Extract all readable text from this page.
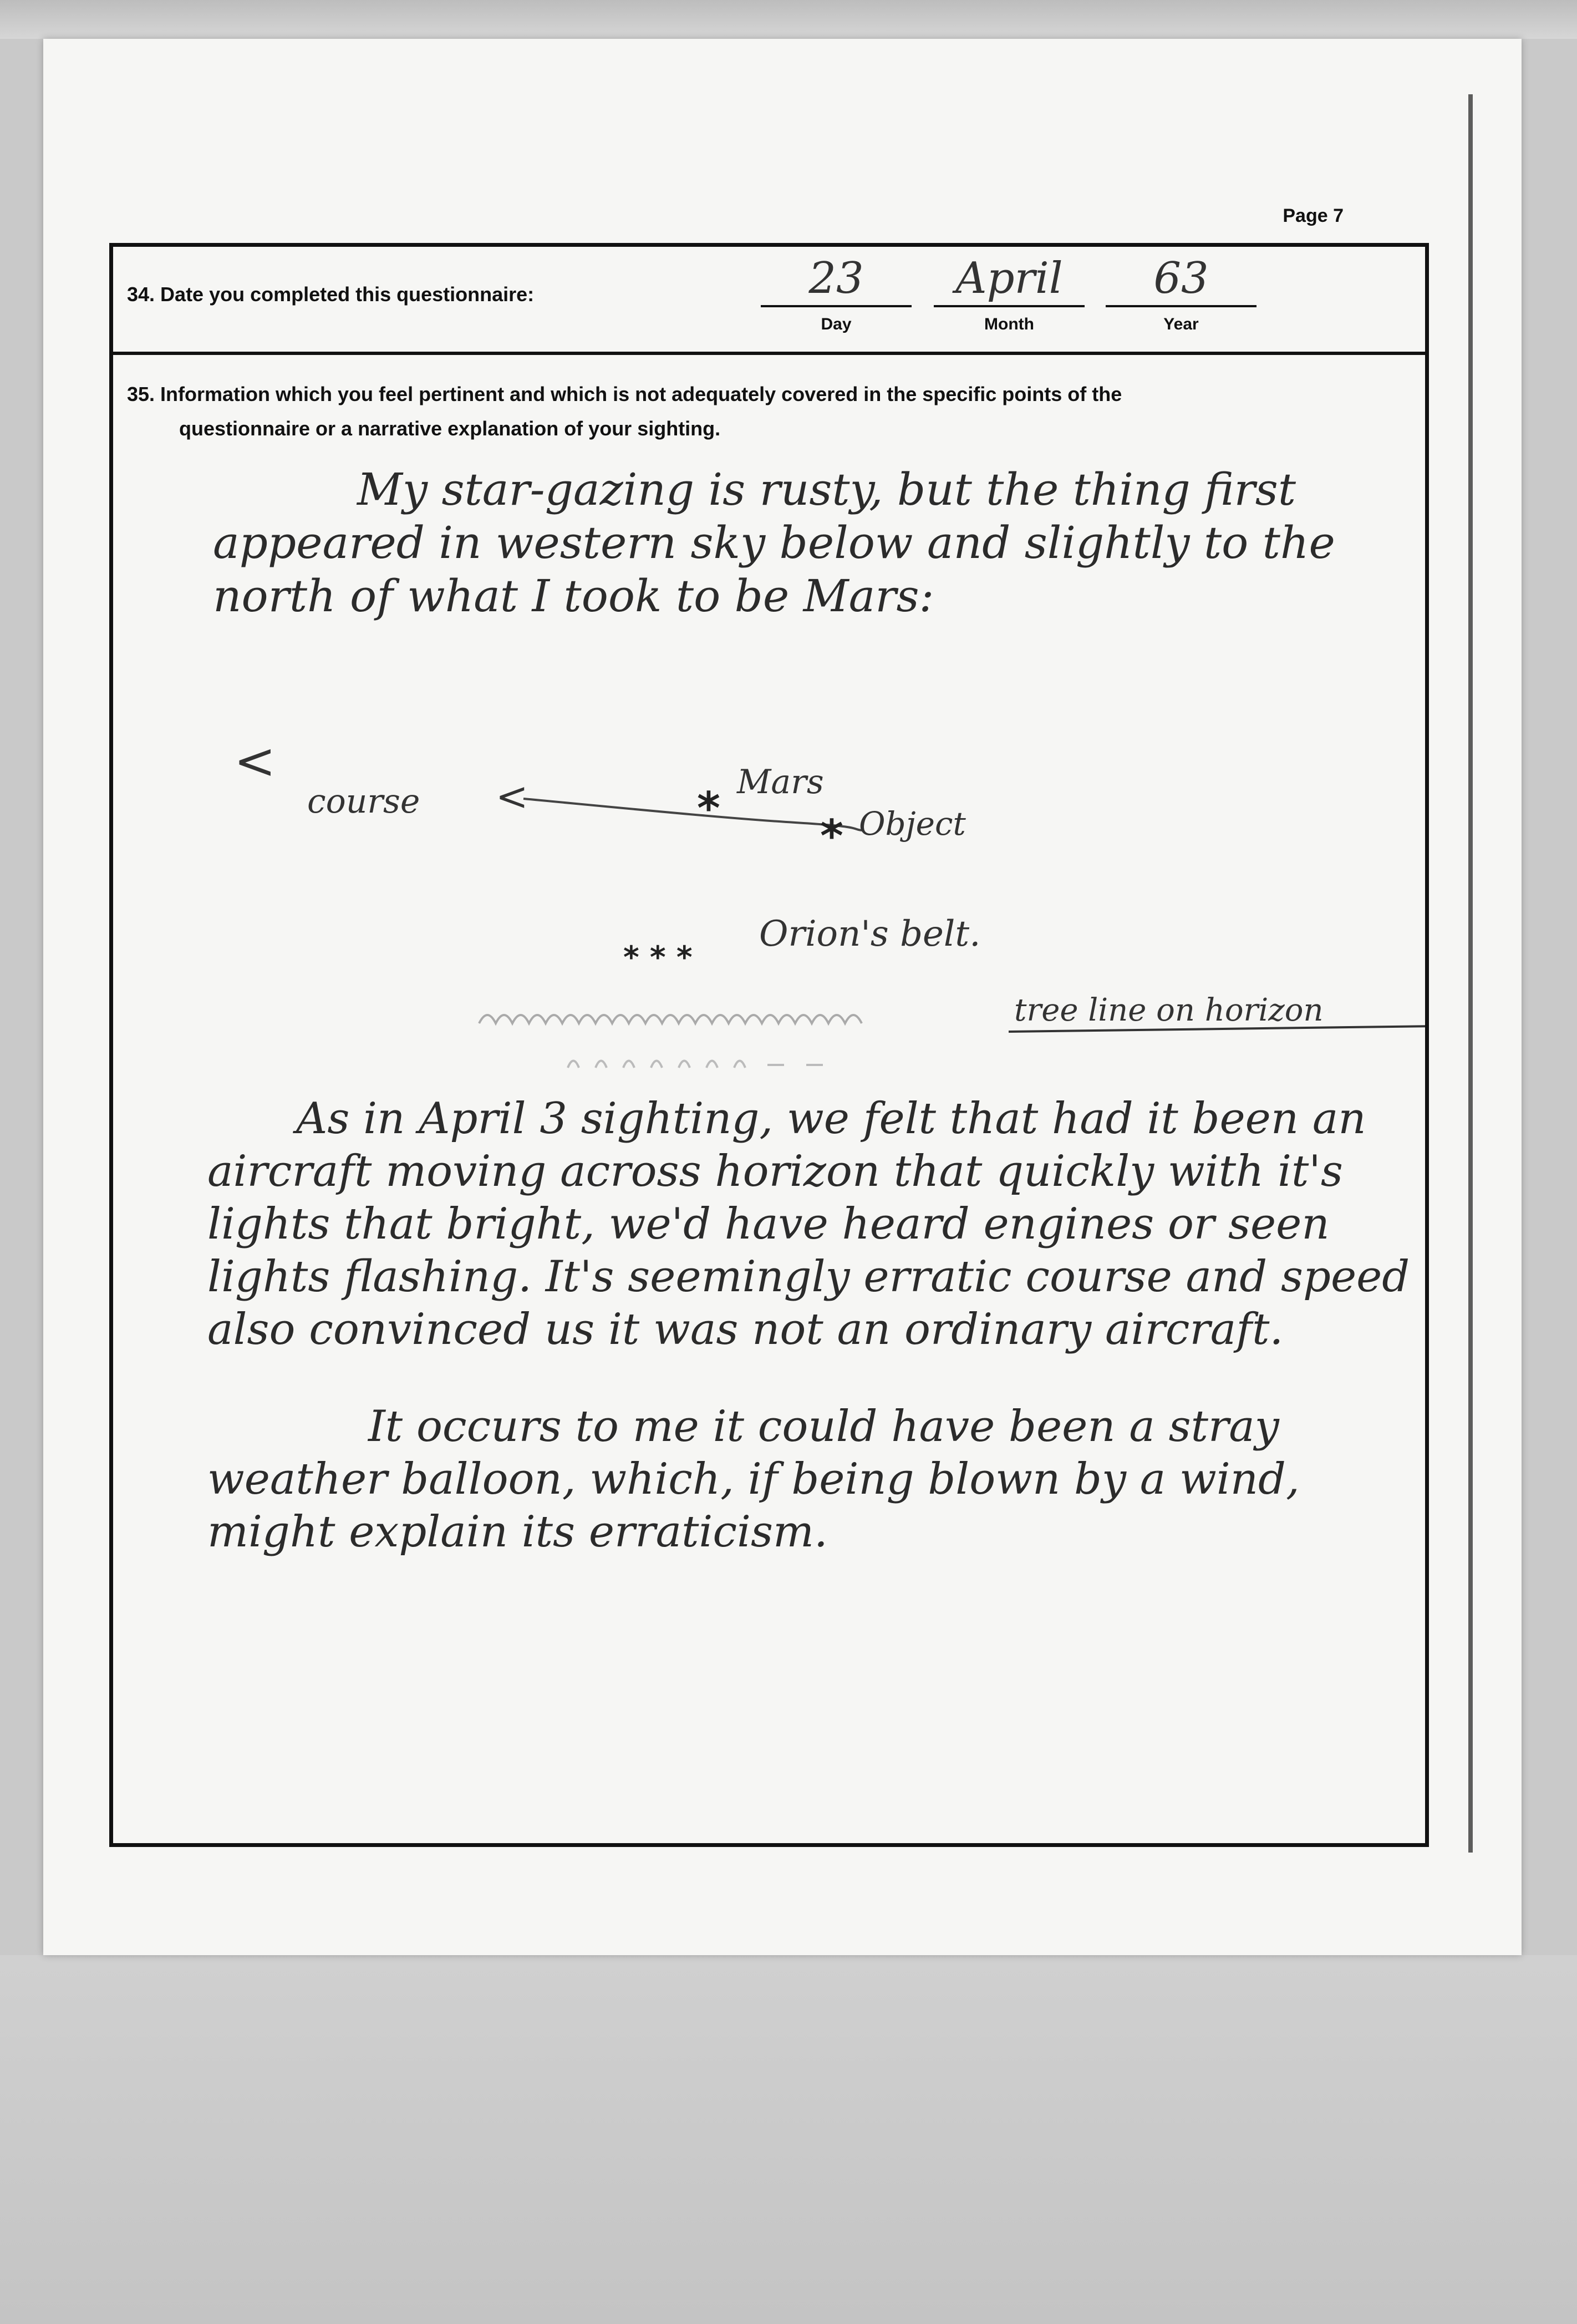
Page 7
34. Date you completed this questionnaire:	23
Day
April
Month
63
Year
35. Information which you feel pertinent and which is not adequately covered in the specific points of the
questionnaire or a narrative explanation of your sighting.
My star-gazing is rusty, but the thing first appeared in western sky below and slightly to the north of what I took to be Mars:
<
course <	*
Mars
* Object
* * *
Orion's belt.
tree line on horizon
As in April 3 sighting, we felt that had it been an aircraft moving across horizon that quickly with it's lights that bright, we'd have heard engines or seen lights flashing. It's seemingly erratic course and speed also convinced us it was not an ordinary aircraft.
It occurs to me it could have been a stray weather balloon, which, if being blown by a wind, might explain its erraticism.
